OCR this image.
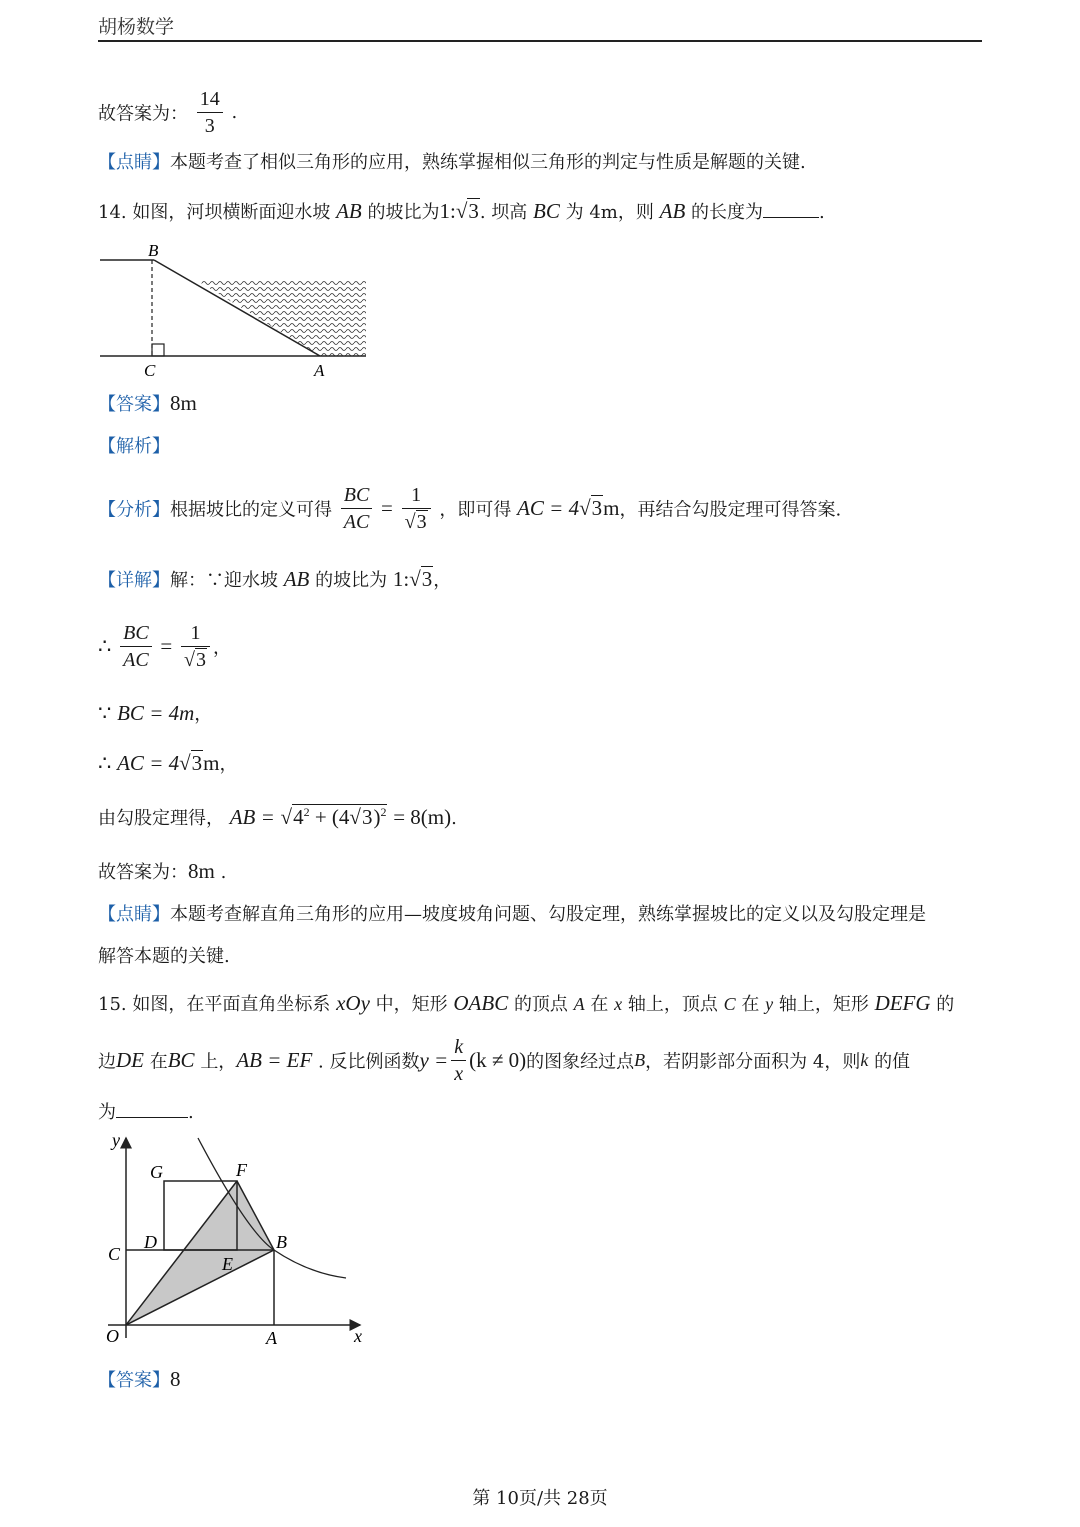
胡杨数学
故答案为： $\frac{14}{3}$ .
【点睛】本题考查了相似三角形的应用，熟练掌握相似三角形的判定与性质是解题的关键.
14. 如图，河坝横断面迎水坡 AB 的坡比为1:√3. 坝高 BC 为 4m，则 AB 的长度为	.
B
C	A
【答案】8m
【解析】
【分析】根据坡比的定义可得 $\frac{BC}{AC} = \frac{1}{√3}$ ，即可得 AC = 4√3m，再结合勾股定理可得答案.
【详解】解：∵迎水坡 AB 的坡比为 1:√3，
∴ $\frac{BC}{AC} = \frac{1}{√3}$ ，
∵ BC = 4m，
∴ AC = 4√3m，
由勾股定理得， AB = $√4^2 + (4√3)^2 = 8(m)$.
故答案为：8m .
【点睛】本题考查解直角三角形的应用—坡度坡角问题、勾股定理，熟练掌握坡比的定义以及勾股定理是
解答本题的关键.
15. 如图，在平面直角坐标系 xOy 中，矩形 OABC 的顶点 A 在 x 轴上，顶点 C 在 y 轴上，矩形 DEFG 的
边DE 在BC 上，AB = EF . 反比例函数$y = \frac{k}{x} (k \ne 0)$的图象经过点B，若阴影部分面积为 4，则k 的值
为	.
y
x
O	A
B
C
D
E
F
G
【答案】8
第 10页/共 28页
